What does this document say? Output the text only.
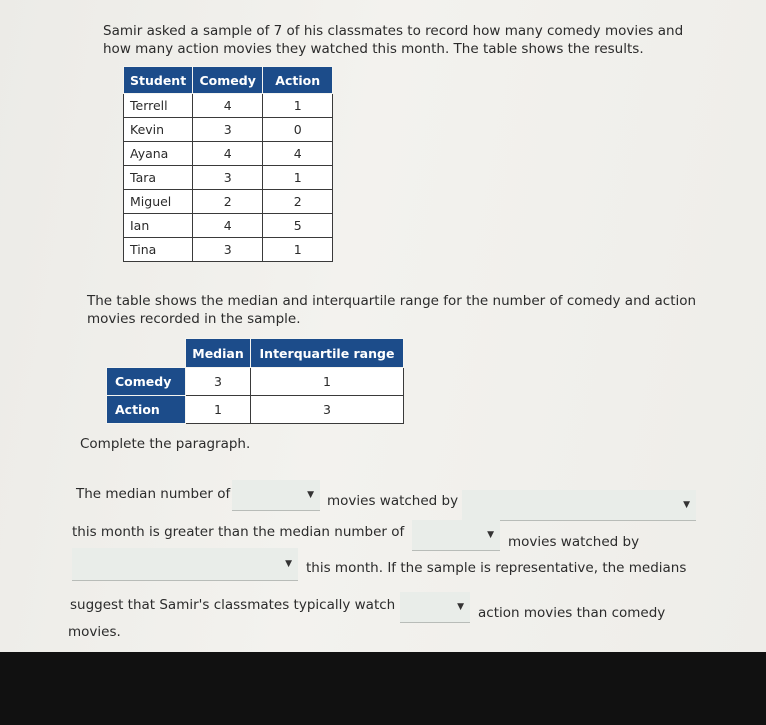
Samir asked a sample of 7 of his classmates to record how many comedy movies and how many action movies they watched this month. The table shows the results.

Student	Comedy	Action
Terrell	4	1
Kevin	3	0
Ayana	4	4
Tara	3	1
Miguel	2	2
Ian	4	5
Tina	3	1

The table shows the median and interquartile range for the number of comedy and action movies recorded in the sample.

	Median	Interquartile range
Comedy	3	1
Action	1	3
Complete the paragraph.
The median number of	▼ movies watched by	▼
this month is greater than the median number of	▼ movies watched by
▼ this month. If the sample is representative, the medians
suggest that Samir's classmates typically watch	▼ action movies than comedy
movies.
